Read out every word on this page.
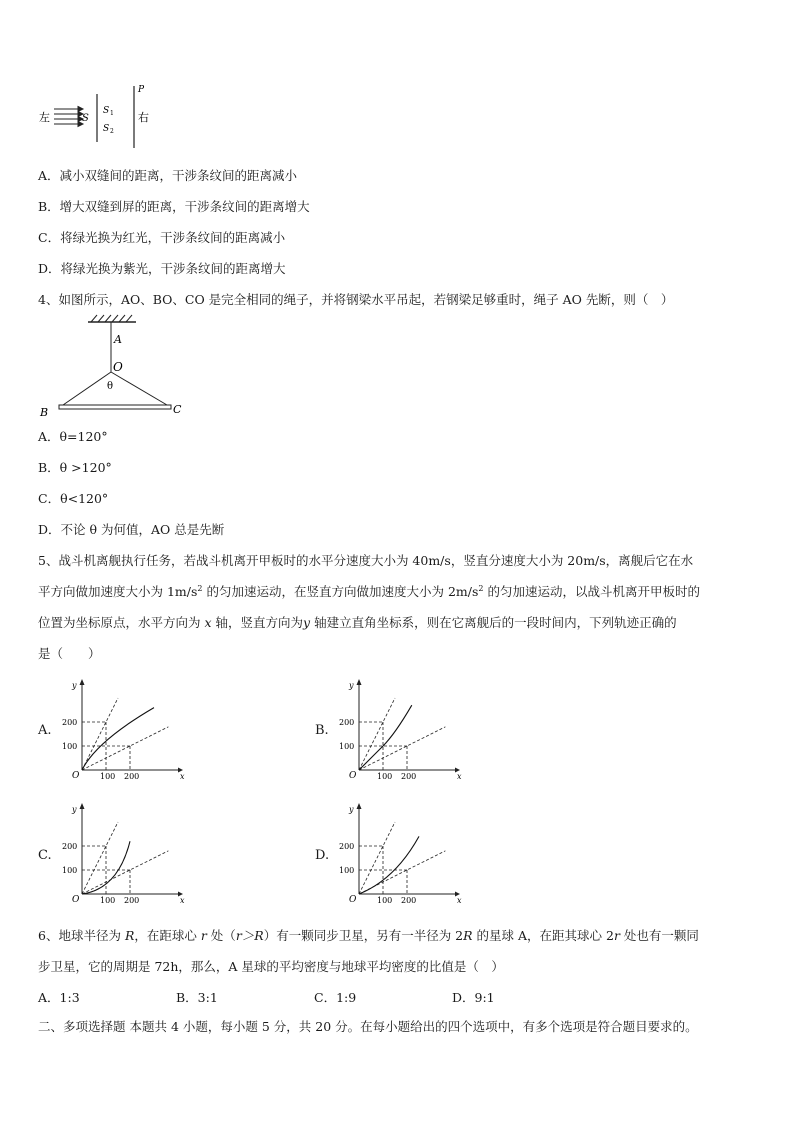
左	S
S 1
S 2
P
右
A．减小双缝间的距离，干涉条纹间的距离减小
B．增大双缝到屏的距离，干涉条纹间的距离增大
C．将绿光换为红光，干涉条纹间的距离减小
D．将绿光换为紫光，干涉条纹间的距离增大
4、如图所示，AO、BO、CO 是完全相同的绳子，并将钢梁水平吊起，若钢梁足够重时，绳子 AO 先断，则（　）
A
O
θ
B	C
A．θ=120°
B．θ >120°
C．θ<120°
D．不论 θ 为何值，AO 总是先断
5、战斗机离舰执行任务，若战斗机离开甲板时的水平分速度大小为 40m/s，竖直分速度大小为 20m/s，离舰后它在水
平方向做加速度大小为 $1m/s^2$ 的匀加速运动，在竖直方向做加速度大小为 $2m/s^2$ 的匀加速运动，以战斗机离开甲板时的
位置为坐标原点，水平方向为 x 轴，竖直方向为y 轴建立直角坐标系，则在它离舰后的一段时间内，下列轨迹正确的
是（　　）
A.	B.
C.	D.
y
x
O
200
100
100 200
y
x
O
200
100
100 200
y
x
O
200
100
100 200
y
x
O
200
100
100 200
6、地球半径为 R，在距球心 r 处（r＞R）有一颗同步卫星，另有一半径为 2R 的星球 A，在距其球心 2r 处也有一颗同
步卫星，它的周期是 72h，那么，A 星球的平均密度与地球平均密度的比值是（　）
A．1:3	B．3:1	C．1:9	D．9:1
二、多项选择题 本题共 4 小题，每小题 5 分，共 20 分。在每小题给出的四个选项中，有多个选项是符合题目要求的。
